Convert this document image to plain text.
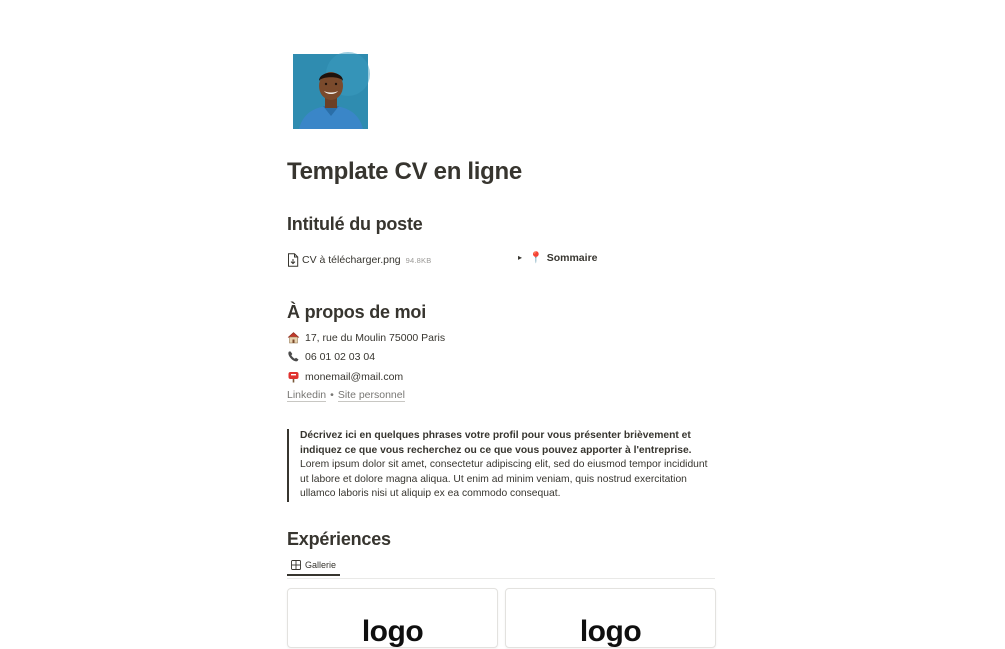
Template CV en ligne
Intitulé du poste
CV à télécharger.png 94.8KB	▸ 📍 Sommaire
À propos de moi
17, rue du Moulin 75000 Paris
06 01 02 03 04
monemail@mail.com
Linkedin • Site personnel
Décrivez ici en quelques phrases votre profil pour vous présenter brièvement et indiquez ce que vous recherchez ou ce que vous pouvez apporter à l'entreprise.
Lorem ipsum dolor sit amet, consectetur adipiscing elit, sed do eiusmod tempor incididunt ut labore et dolore magna aliqua. Ut enim ad minim veniam, quis nostrud exercitation ullamco laboris nisi ut aliquip ex ea commodo consequat.
Expériences
Gallerie
logo	logo
